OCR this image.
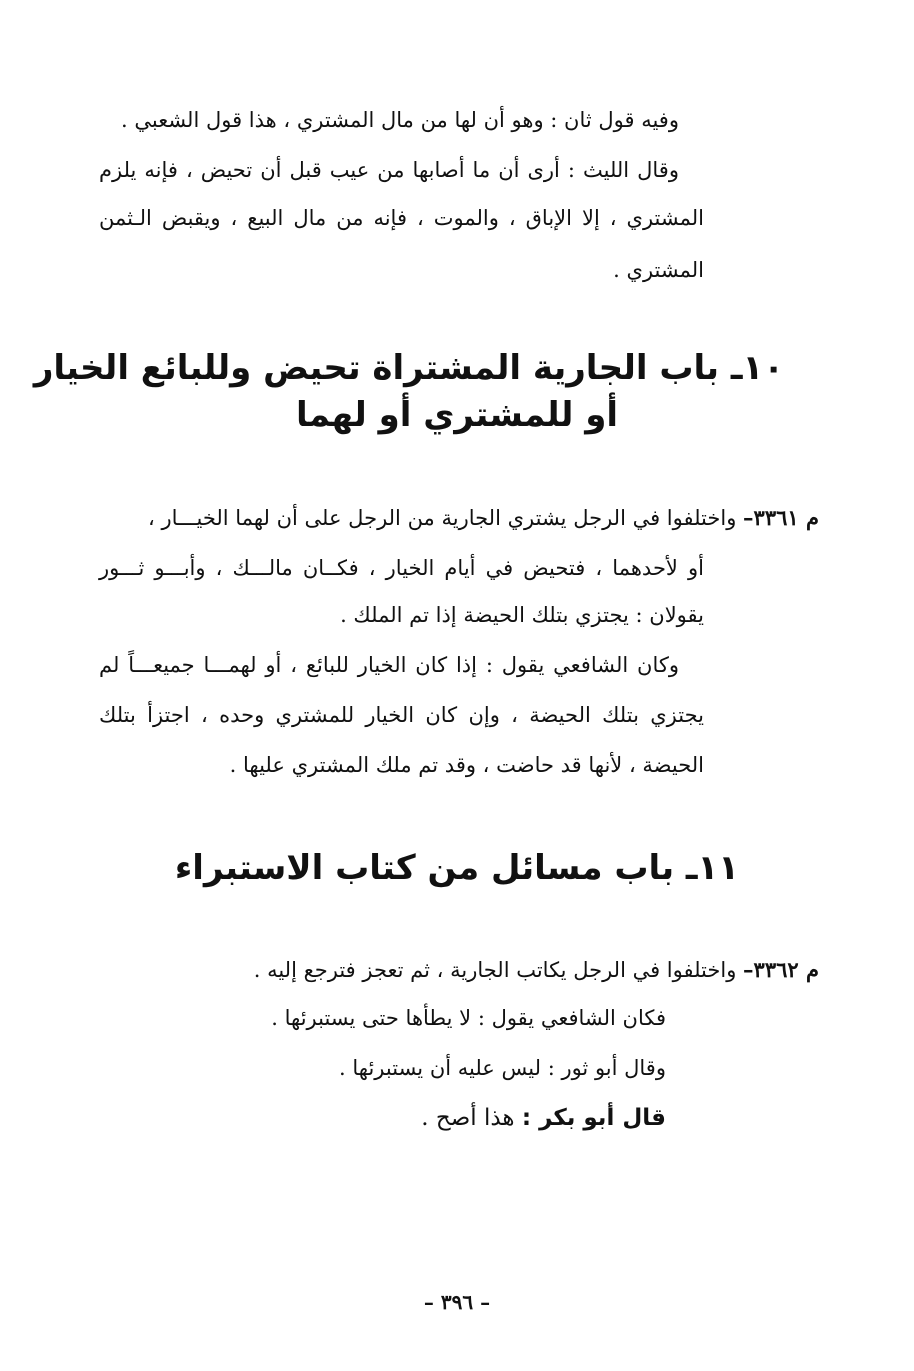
وفيه قول ثان : وهو أن لها من مال المشتري ، هذا قول الشعبي .
وقال الليث : أرى أن ما أصابها من عيب قبل أن تحيض ، فإنه يلزم
المشتري ، إلا الإباق ، والموت ، فإنه من مال البيع ، ويقبض الـثمن
المشتري .
١٠ـ باب الجارية المشتراة تحيض وللبائع الخيار
أو للمشتري أو لهما
م ٣٣٦١– واختلفوا في الرجل يشتري الجارية من الرجل على أن لهما الخيـــار ،
أو لأحدهما ، فتحيض في أيام الخيار ، فكــان مالـــك ، وأبـــو ثـــور
يقولان : يجتزي بتلك الحيضة إذا تم الملك .
وكان الشافعي يقول : إذا كان الخيار للبائع ، أو لهمـــا جميعـــاً لم
يجتزي بتلك الحيضة ، وإن كان الخيار للمشتري وحده ، اجتزأ بتلك
الحيضة ، لأنها قد حاضت ، وقد تم ملك المشتري عليها .
١١ـ باب مسائل من كتاب الاستبراء
م ٣٣٦٢– واختلفوا في الرجل يكاتب الجارية ، ثم تعجز فترجع إليه .
فكان الشافعي يقول : لا يطأها حتى يستبرئها .
وقال أبو ثور : ليس عليه أن يستبرئها .
قال أبو بكر : هذا أصح .
– ٣٩٦ –
